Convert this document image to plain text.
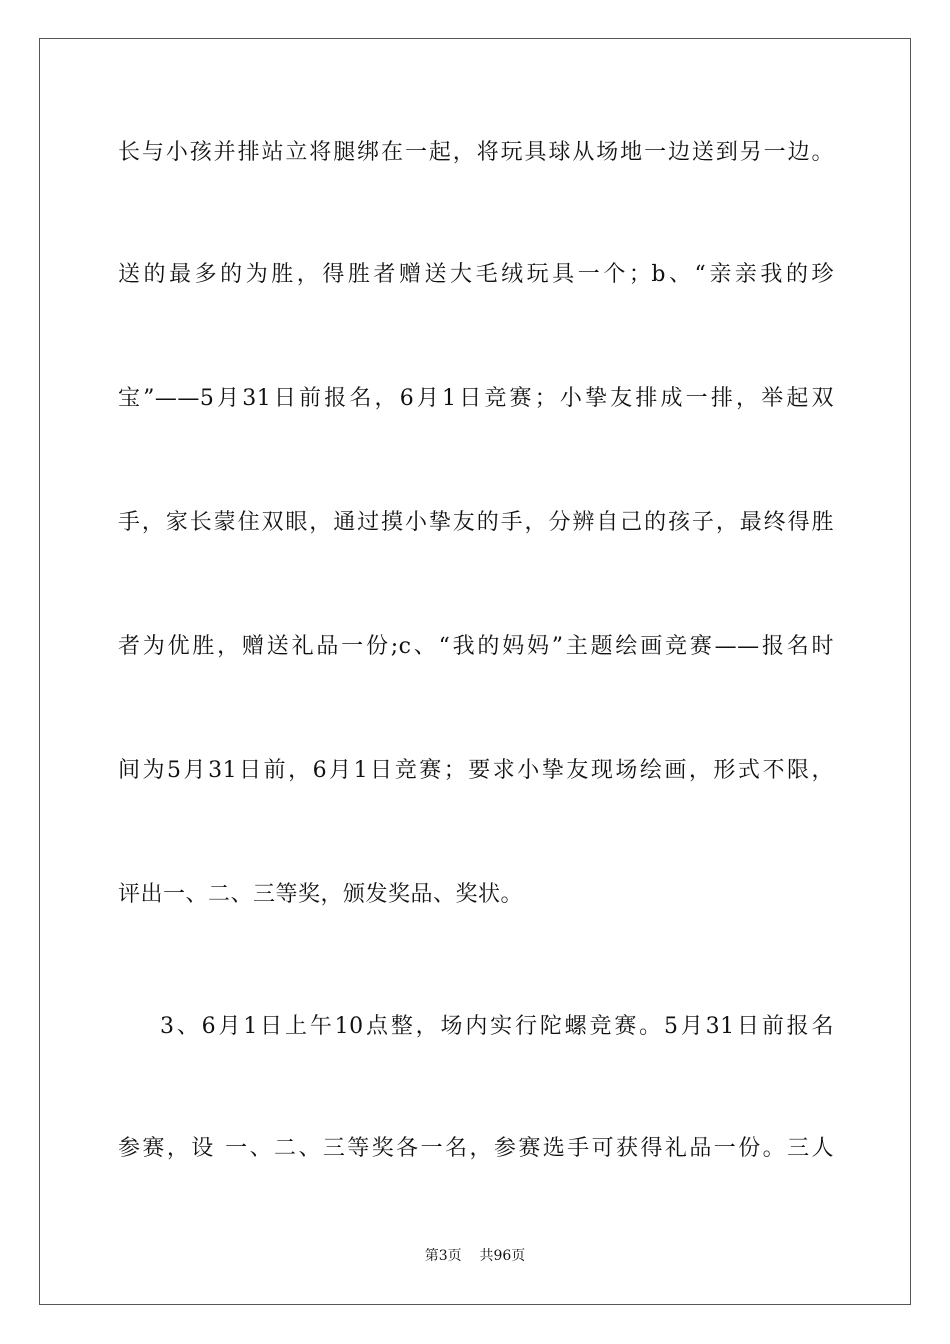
长与小孩并排站立将腿绑在一起，将玩具球从场地一边送到另一边。
送的最多的为胜，得胜者赠送大毛绒玩具一个；b、“亲亲我的珍
宝”——5月31日前报名，6月1日竞赛；小挚友排成一排，举起双
手，家长蒙住双眼，通过摸小挚友的手，分辨自己的孩子，最终得胜
者为优胜，赠送礼品一份;c、“我的妈妈”主题绘画竞赛——报名时
间为5月31日前，6月1日竞赛；要求小挚友现场绘画，形式不限，
评出一、二、三等奖，颁发奖品、奖状。
3、6月1日上午10点整，场内实行陀螺竞赛。5月31日前报名
参赛，设 一、二、三等奖各一名，参赛选手可获得礼品一份。三人
第3页 共96页
